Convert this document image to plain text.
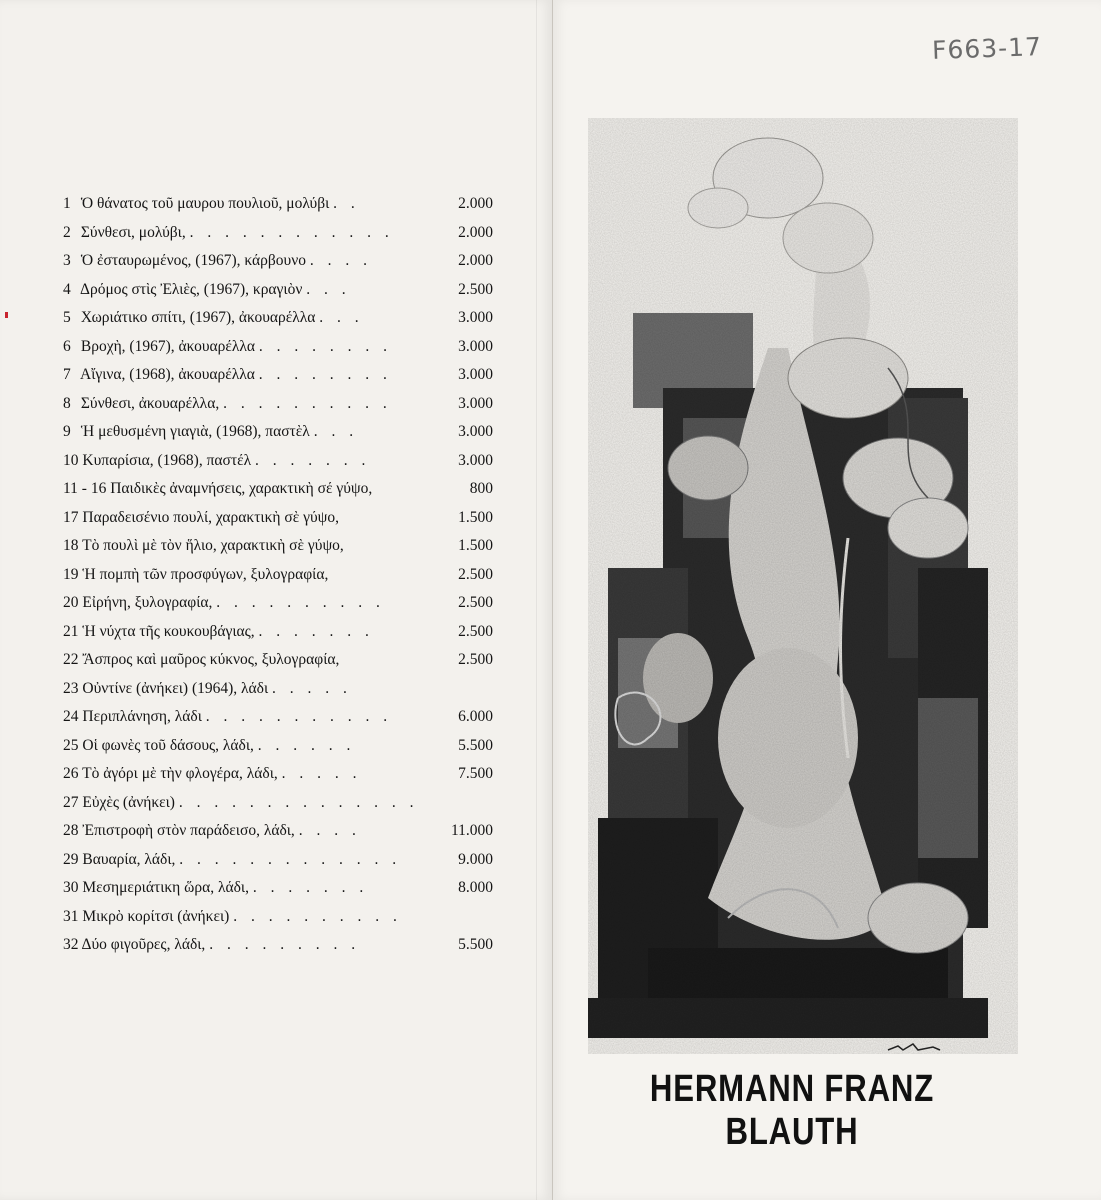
1 Ὁ θάνατος τοῦ μαυρου πουλιοῦ, μολύβι . .	2.000
2 Σύνθεσι, μολύβι, . . . . . . . . . . . .	2.000
3 Ὁ ἐσταυρωμένος, (1967), κάρβουνο . . . .	2.000
4 Δρόμος στὶς Ἐλιὲς, (1967), κραγιὸν . . .	2.500
5 Χωριάτικο σπίτι, (1967), ἀκουαρέλλα . . .	3.000
6 Βροχὴ, (1967), ἀκουαρέλλα . . . . . . . .	3.000
7 Αἴγινα, (1968), ἀκουαρέλλα . . . . . . . .	3.000
8 Σύνθεσι, ἀκουαρέλλα, . . . . . . . . . .	3.000
9 Ἡ μεθυσμένη γιαγιὰ, (1968), παστὲλ . . .	3.000
10 Κυπαρίσια, (1968), παστέλ . . . . . . .	3.000
11 - 16 Παιδικὲς ἀναμνήσεις, χαρακτικὴ σέ γύψο,	800
17 Παραδεισένιο πουλί, χαρακτικὴ σὲ γύψο,	1.500
18 Τὸ πουλὶ μὲ τὸν ἥλιο, χαρακτικὴ σὲ γύψο,	1.500
19 Ἡ πομπὴ τῶν προσφύγων, ξυλογραφία,	2.500
20 Εἰρήνη, ξυλογραφία, . . . . . . . . . .	2.500
21 Ἡ νύχτα τῆς κουκουβάγιας, . . . . . . .	2.500
22 Ἄσπρος καὶ μαῦρος κύκνος, ξυλογραφία,	2.500
23 Οὐντίνε (ἀνήκει) (1964), λάδι . . . . .
24 Περιπλάνηση, λάδι . . . . . . . . . . .	6.000
25 Οἱ φωνὲς τοῦ δάσους, λάδι, . . . . . .	5.500
26 Τὸ ἀγόρι μὲ τὴν φλογέρα, λάδι, . . . . .	7.500
27 Εὐχὲς (ἀνήκει) . . . . . . . . . . . . . .
28 Ἐπιστροφὴ στὸν παράδεισο, λάδι, . . . .	11.000
29 Βαυαρία, λάδι, . . . . . . . . . . . . .	9.000
30 Μεσημεριάτικη ὥρα, λάδι, . . . . . . .	8.000
31 Μικρὸ κορίτσι (ἀνήκει) . . . . . . . . . .
32 Δύο φιγοῦρες, λάδι, . . . . . . . . .	5.500
F663-17
HERMANN FRANZ BLAUTH
